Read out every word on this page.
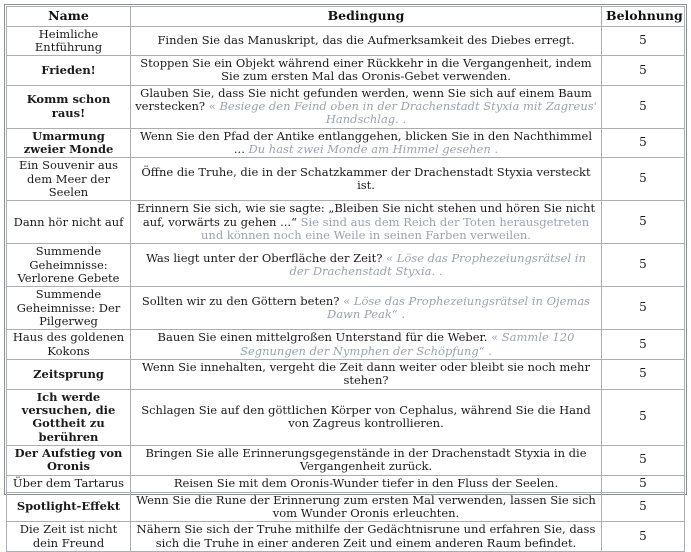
Name	Bedingung	Belohnung
Heimliche Entführung	Finden Sie das Manuskript, das die Aufmerksamkeit des Diebes erregt.	5
Frieden!	Stoppen Sie ein Objekt während einer Rückkehr in die Vergangenheit, indem Sie zum ersten Mal das Oronis-Gebet verwenden.	5
Komm schon raus!	Glauben Sie, dass Sie nicht gefunden werden, wenn Sie sich auf einem Baum verstecken? « Besiege den Feind oben in der Drachenstadt Styxia mit Zagreus' Handschlag. .	5
Umarmung zweier Monde	Wenn Sie den Pfad der Antike entlanggehen, blicken Sie in den Nachthimmel ... Du hast zwei Monde am Himmel gesehen .	5
Ein Souvenir aus dem Meer der Seelen	Öffne die Truhe, die in der Schatzkammer der Drachenstadt Styxia versteckt ist.	5
Dann hör nicht auf	Erinnern Sie sich, wie sie sagte: „Bleiben Sie nicht stehen und hören Sie nicht auf, vorwärts zu gehen ...“ Sie sind aus dem Reich der Toten herausgetreten und können noch eine Weile in seinen Farben verweilen.	5
Summende Geheimnisse: Verlorene Gebete	Was liegt unter der Oberfläche der Zeit? « Löse das Prophezeiungsrätsel in der Drachenstadt Styxia. .	5
Summende Geheimnisse: Der Pilgerweg	Sollten wir zu den Göttern beten? « Löse das Prophezeiungsrätsel in Ojemas Dawn Peak“ .	5
Haus des goldenen Kokons	Bauen Sie einen mittelgroßen Unterstand für die Weber. « Sammle 120 Segnungen der Nymphen der Schöpfung“ .	5
Zeitsprung	Wenn Sie innehalten, vergeht die Zeit dann weiter oder bleibt sie noch mehr stehen?	5
Ich werde versuchen, die Gottheit zu berühren	Schlagen Sie auf den göttlichen Körper von Cephalus, während Sie die Hand von Zagreus kontrollieren.	5
Der Aufstieg von Oronis	Bringen Sie alle Erinnerungsgegenstände in der Drachenstadt Styxia in die Vergangenheit zurück.	5
Über dem Tartarus	Reisen Sie mit dem Oronis-Wunder tiefer in den Fluss der Seelen.	5
Spotlight-Effekt	Wenn Sie die Rune der Erinnerung zum ersten Mal verwenden, lassen Sie sich vom Wunder Oronis erleuchten.	5
Die Zeit ist nicht dein Freund	Nähern Sie sich der Truhe mithilfe der Gedächtnisrune und erfahren Sie, dass sich die Truhe in einer anderen Zeit und einem anderen Raum befindet.	5
